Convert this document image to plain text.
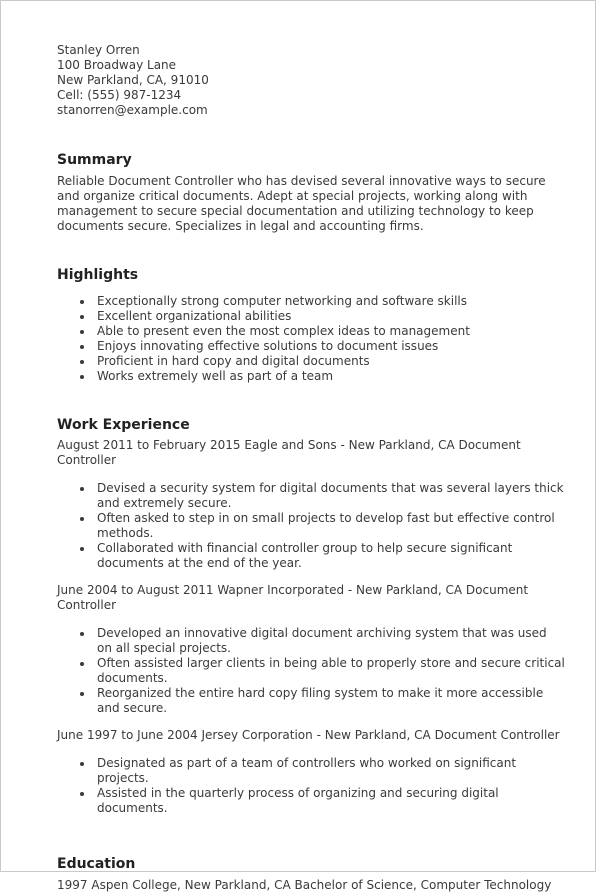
Stanley Orren

100 Broadway Lane

New Parkland, CA, 91010

Cell: (555) 987-1234

stanorren@example.com

Summary

Reliable Document Controller who has devised several innovative ways to secure and organize critical documents. Adept at special projects, working along with management to secure special documentation and utilizing technology to keep documents secure. Specializes in legal and accounting firms.

Highlights
Exceptionally strong computer networking and software skills
Excellent organizational abilities
Able to present even the most complex ideas to management
Enjoys innovating effective solutions to document issues
Proficient in hard copy and digital documents
Works extremely well as part of a team
Work Experience

August 2011 to February 2015 Eagle and Sons - New Parkland, CA Document Controller

Devised a security system for digital documents that was several layers thick and extremely secure.
Often asked to step in on small projects to develop fast but effective control methods.
Collaborated with financial controller group to help secure significant documents at the end of the year.

June 2004 to August 2011 Wapner Incorporated - New Parkland, CA Document Controller

Developed an innovative digital document archiving system that was used on all special projects.
Often assisted larger clients in being able to properly store and secure critical documents.
Reorganized the entire hard copy filing system to make it more accessible and secure.

June 1997 to June 2004 Jersey Corporation - New Parkland, CA Document Controller

Designated as part of a team of controllers who worked on significant projects.
Assisted in the quarterly process of organizing and securing digital documents.
Education

1997 Aspen College, New Parkland, CA Bachelor of Science, Computer Technology
